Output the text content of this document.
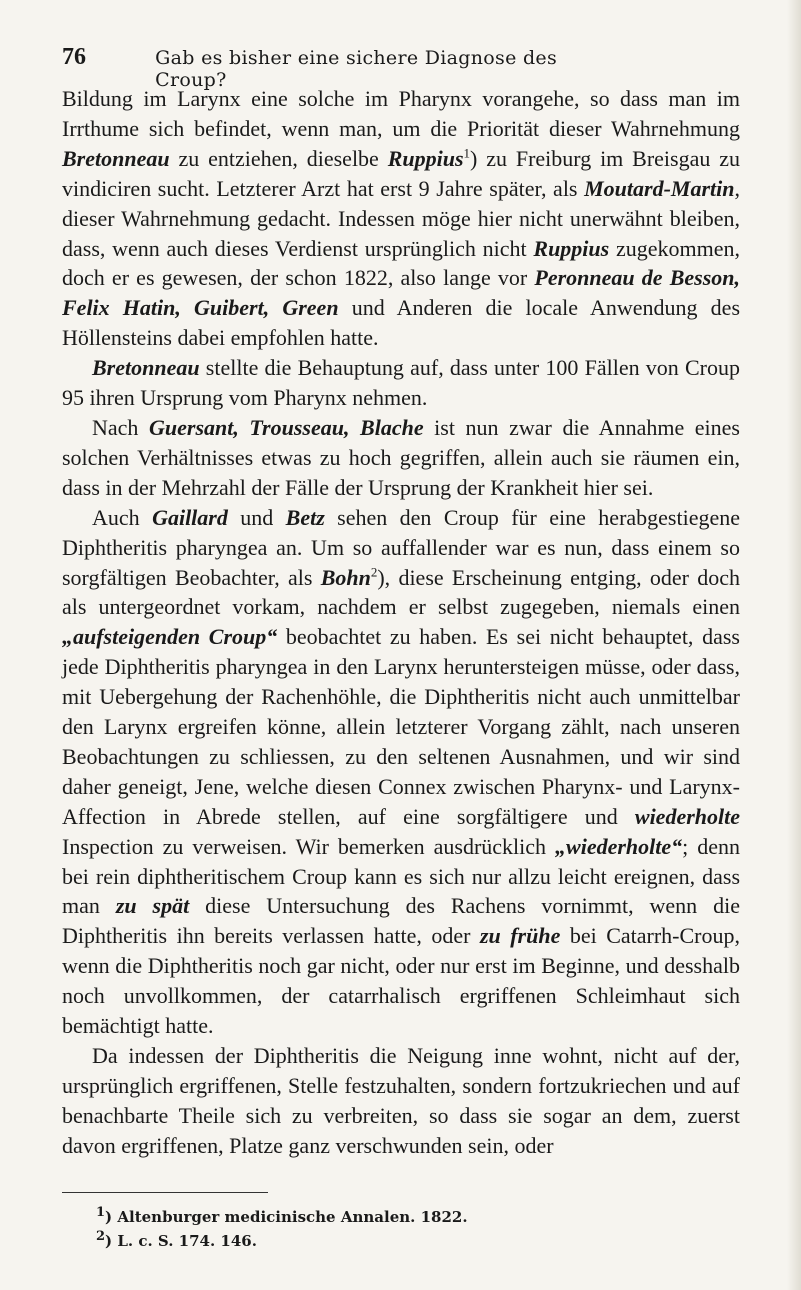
76	Gab es bisher eine sichere Diagnose des Croup?

Bildung im Larynx eine solche im Pharynx vorangehe, so dass man im Irrthume sich befindet, wenn man, um die Priorität dieser Wahrnehmung Bretonneau zu entziehen, dieselbe Ruppius$^1$) zu Freiburg im Breisgau zu vindiciren sucht. Letzterer Arzt hat erst 9 Jahre später, als Moutard-Martin, dieser Wahrnehmung gedacht. Indessen möge hier nicht unerwähnt bleiben, dass, wenn auch dieses Verdienst ursprünglich nicht Ruppius zugekommen, doch er es gewesen, der schon 1822, also lange vor Peronneau de Besson, Felix Hatin, Guibert, Green und Anderen die locale Anwendung des Höllensteins dabei empfohlen hatte.

Bretonneau stellte die Behauptung auf, dass unter 100 Fällen von Croup 95 ihren Ursprung vom Pharynx nehmen.

Nach Guersant, Trousseau, Blache ist nun zwar die Annahme eines solchen Verhältnisses etwas zu hoch gegriffen, allein auch sie räumen ein, dass in der Mehrzahl der Fälle der Ursprung der Krankheit hier sei.

Auch Gaillard und Betz sehen den Croup für eine herabgestiegene Diphtheritis pharyngea an. Um so auffallender war es nun, dass einem so sorgfältigen Beobachter, als Bohn$^2$), diese Erscheinung entging, oder doch als untergeordnet vorkam, nachdem er selbst zugegeben, niemals einen „aufsteigenden Croup“ beobachtet zu haben. Es sei nicht behauptet, dass jede Diphtheritis pharyngea in den Larynx heruntersteigen müsse, oder dass, mit Uebergehung der Rachenhöhle, die Diphtheritis nicht auch unmittelbar den Larynx ergreifen könne, allein letzterer Vorgang zählt, nach unseren Beobachtungen zu schliessen, zu den seltenen Ausnahmen, und wir sind daher geneigt, Jene, welche diesen Connex zwischen Pharynx- und Larynx-Affection in Abrede stellen, auf eine sorgfältigere und wiederholte Inspection zu verweisen. Wir bemerken ausdrücklich „wiederholte“; denn bei rein diphtheritischem Croup kann es sich nur allzu leicht ereignen, dass man zu spät diese Untersuchung des Rachens vornimmt, wenn die Diphtheritis ihn bereits verlassen hatte, oder zu frühe bei Catarrh-Croup, wenn die Diphtheritis noch gar nicht, oder nur erst im Beginne, und desshalb noch unvollkommen, der catarrhalisch ergriffenen Schleimhaut sich bemächtigt hatte.

Da indessen der Diphtheritis die Neigung inne wohnt, nicht auf der, ursprünglich ergriffenen, Stelle festzuhalten, sondern fortzukriechen und auf benachbarte Theile sich zu verbreiten, so dass sie sogar an dem, zuerst davon ergriffenen, Platze ganz verschwunden sein, oder

$^1$) Altenburger medicinische Annalen. 1822.
$^2$) L. c. S. 174. 146.
